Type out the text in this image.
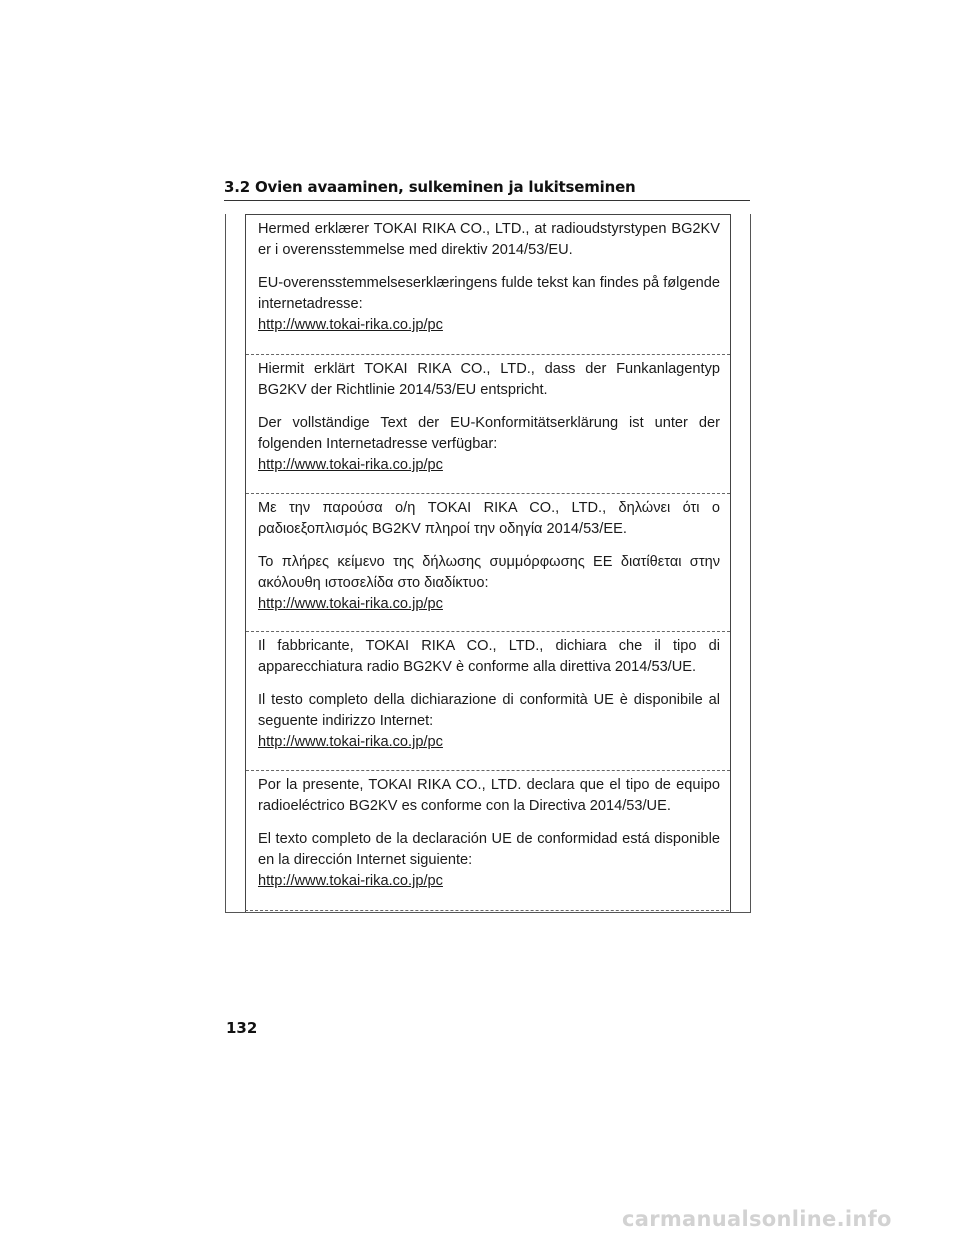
3.2 Ovien avaaminen, sulkeminen ja lukitseminen

Hermed erklærer TOKAI RIKA CO., LTD., at radioudstyrstypen BG2KV er i overensstemmelse med direktiv 2014/53/EU.

EU-overensstemmelseserklæringens fulde tekst kan findes på følgende internetadresse:

http://www.tokai-rika.co.jp/pc

Hiermit erklärt TOKAI RIKA CO., LTD., dass der Funkanlagentyp BG2KV der Richtlinie 2014/53/EU entspricht.

Der vollständige Text der EU-Konformitätserklärung ist unter der folgenden Internetadresse verfügbar:

http://www.tokai-rika.co.jp/pc

Με την παρούσα ο/η TOKAI RIKA CO., LTD., δηλώνει ότι ο ραδιοεξοπλισμός BG2KV πληροί την οδηγία 2014/53/ΕΕ.

Το πλήρες κείμενο της δήλωσης συμμόρφωσης ΕΕ διατίθεται στην ακόλουθη ιστοσελίδα στο διαδίκτυο:

http://www.tokai-rika.co.jp/pc

Il fabbricante, TOKAI RIKA CO., LTD., dichiara che il tipo di apparecchiatura radio BG2KV è conforme alla direttiva 2014/53/UE.

Il testo completo della dichiarazione di conformità UE è disponibile al seguente indirizzo Internet:

http://www.tokai-rika.co.jp/pc

Por la presente, TOKAI RIKA CO., LTD. declara que el tipo de equipo radioeléctrico BG2KV es conforme con la Directiva 2014/53/UE.

El texto completo de la declaración UE de conformidad está disponible en la dirección Internet siguiente:

http://www.tokai-rika.co.jp/pc
132
carmanualsonline.info
